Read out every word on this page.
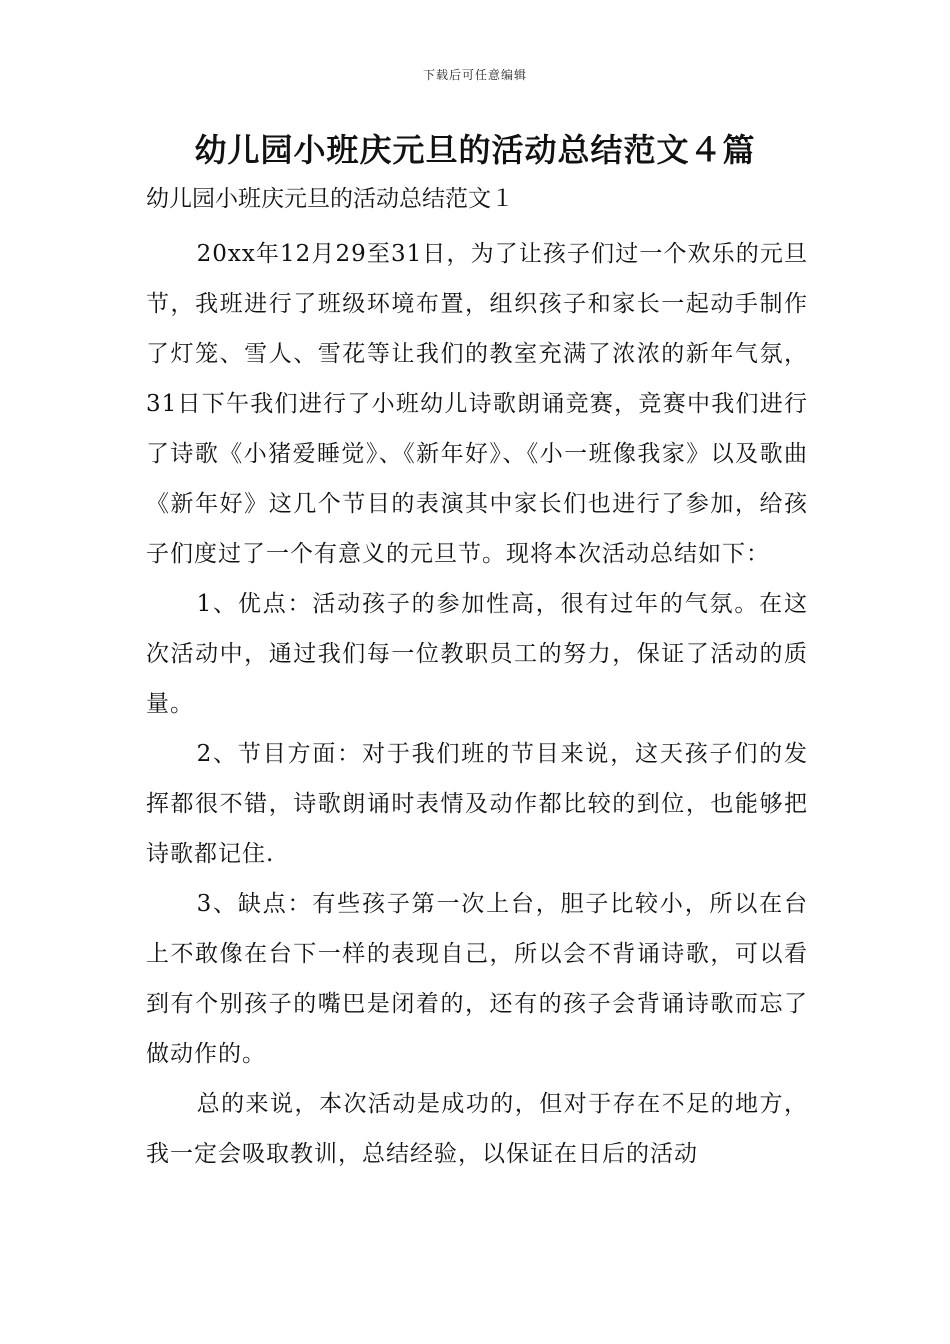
下载后可任意编辑
幼儿园小班庆元旦的活动总结范文４篇

幼儿园小班庆元旦的活动总结范文１

20xx年12月29至31日，为了让孩子们过一个欢乐的元旦节，我班进行了班级环境布置，组织孩子和家长一起动手制作了灯笼、雪人、雪花等让我们的教室充满了浓浓的新年气氛，31日下午我们进行了小班幼儿诗歌朗诵竞赛，竞赛中我们进行了诗歌《小猪爱睡觉》、《新年好》、《小一班像我家》以及歌曲《新年好》这几个节目的表演其中家长们也进行了参加，给孩子们度过了一个有意义的元旦节。现将本次活动总结如下：

1、优点：活动孩子的参加性高，很有过年的气氛。在这次活动中，通过我们每一位教职员工的努力，保证了活动的质量。

2、节目方面：对于我们班的节目来说，这天孩子们的发挥都很不错，诗歌朗诵时表情及动作都比较的到位，也能够把诗歌都记住.

3、缺点：有些孩子第一次上台，胆子比较小，所以在台上不敢像在台下一样的表现自己，所以会不背诵诗歌，可以看到有个别孩子的嘴巴是闭着的，还有的孩子会背诵诗歌而忘了做动作的。

总的来说，本次活动是成功的，但对于存在不足的地方，我一定会吸取教训，总结经验，以保证在日后的活动
